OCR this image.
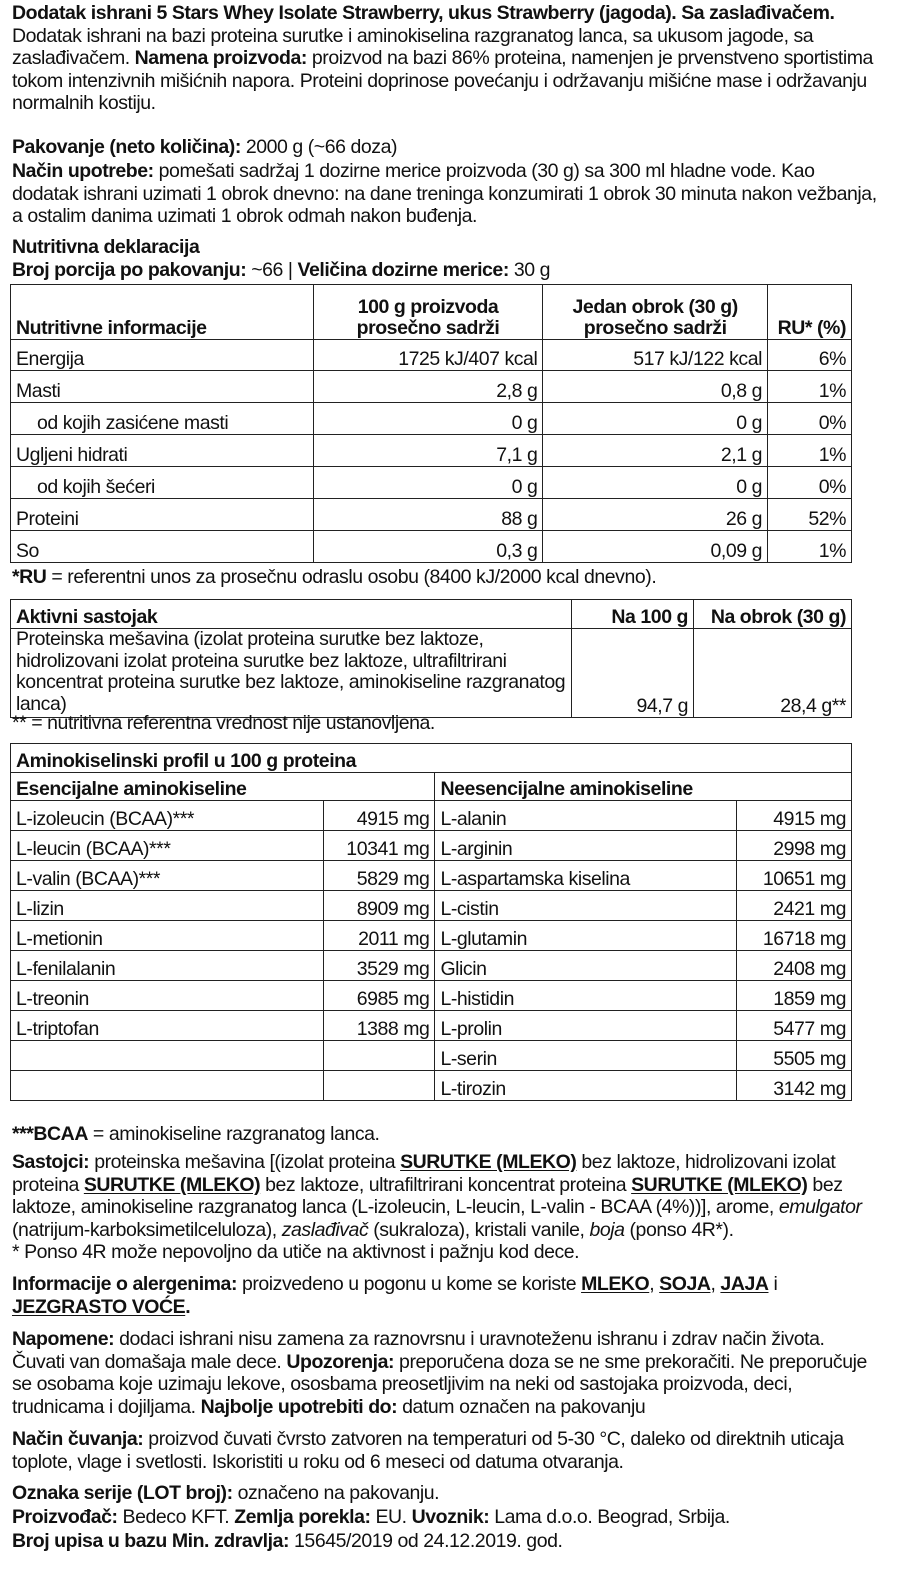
Dodatak ishrani 5 Stars Whey Isolate Strawberry, ukus Strawberry (jagoda). Sa zaslađivačem. Dodatak ishrani na bazi proteina surutke i aminokiselina razgranatog lanca, sa ukusom jagode, sa zaslađivačem. Namena proizvoda: proizvod na bazi 86% proteina, namenjen je prvenstveno sportistima tokom intenzivnih mišićnih napora. Proteini doprinose povećanju i održavanju mišićne mase i održavanju normalnih kostiju.
Pakovanje (neto količina): 2000 g (~66 doza)
Način upotrebe: pomešati sadržaj 1 dozirne merice proizvoda (30 g) sa 300 ml hladne vode. Kao dodatak ishrani uzimati 1 obrok dnevno: na dane treninga konzumirati 1 obrok 30 minuta nakon vežbanja, a ostalim danima uzimati 1 obrok odmah nakon buđenja.
Nutritivna deklaracija
Broj porcija po pakovanju: ~66 | Veličina dozirne merice: 30 g
Nutritivne informacije	100 g proizvoda prosečno sadrži	Jedan obrok (30 g) prosečno sadrži	RU* (%)
Energija	1725 kJ/407 kcal	517 kJ/122 kcal	6%
Masti	2,8 g	0,8 g	1%
od kojih zasićene masti	0 g	0 g	0%
Ugljeni hidrati	7,1 g	2,1 g	1%
od kojih šećeri	0 g	0 g	0%
Proteini	88 g	26 g	52%
So	0,3 g	0,09 g	1%
*RU = referentni unos za prosečnu odraslu osobu (8400 kJ/2000 kcal dnevno).
Aktivni sastojak	Na 100 g	Na obrok (30 g)
Proteinska mešavina (izolat proteina surutke bez laktoze, hidrolizovani izolat proteina surutke bez laktoze, ultrafiltrirani koncentrat proteina surutke bez laktoze, aminokiseline razgranatog lanca)	94,7 g	28,4 g**
** = nutritivna referentna vrednost nije ustanovljena.
Aminokiselinski profil u 100 g proteina			
Esencijalne aminokiseline		Neesencijalne aminokiseline	
L-izoleucin (BCAA)***	4915 mg	L-alanin	4915 mg
L-leucin (BCAA)***	10341 mg	L-arginin	2998 mg
L-valin (BCAA)***	5829 mg	L-aspartamska kiselina	10651 mg
L-lizin	8909 mg	L-cistin	2421 mg
L-metionin	2011 mg	L-glutamin	16718 mg
L-fenilalanin	3529 mg	Glicin	2408 mg
L-treonin	6985 mg	L-histidin	1859 mg
L-triptofan	1388 mg	L-prolin	5477 mg
		L-serin	5505 mg
		L-tirozin	3142 mg
***BCAA = aminokiseline razgranatog lanca.
Sastojci: proteinska mešavina [(izolat proteina SURUTKE (MLEKO) bez laktoze, hidrolizovani izolat proteina SURUTKE (MLEKO) bez laktoze, ultrafiltrirani koncentrat proteina SURUTKE (MLEKO) bez laktoze, aminokiseline razgranatog lanca (L-izoleucin, L-leucin, L-valin - BCAA (4%))], arome, emulgator (natrijum-karboksimetilceluloza), zaslađivač (sukraloza), kristali vanile, boja (ponso 4R*).
* Ponso 4R može nepovoljno da utiče na aktivnost i pažnju kod dece.
Informacije o alergenima: proizvedeno u pogonu u kome se koriste MLEKO, SOJA, JAJA i JEZGRASTO VOĆE.
Napomene: dodaci ishrani nisu zamena za raznovrsnu i uravnoteženu ishranu i zdrav način života. Čuvati van domašaja male dece. Upozorenja: preporučena doza se ne sme prekoračiti. Ne preporučuje se osobama koje uzimaju lekove, ososbama preosetljivim na neki od sastojaka proizvoda, deci, trudnicama i dojiljama. Najbolje upotrebiti do: datum označen na pakovanju
Način čuvanja: proizvod čuvati čvrsto zatvoren na temperaturi od 5-30 °C, daleko od direktnih uticaja toplote, vlage i svetlosti. Iskoristiti u roku od 6 meseci od datuma otvaranja.
Oznaka serije (LOT broj): označeno na pakovanju.
Proizvođač: Bedeco KFT. Zemlja porekla: EU. Uvoznik: Lama d.o.o. Beograd, Srbija.
Broj upisa u bazu Min. zdravlja: 15645/2019 od 24.12.2019. god.
